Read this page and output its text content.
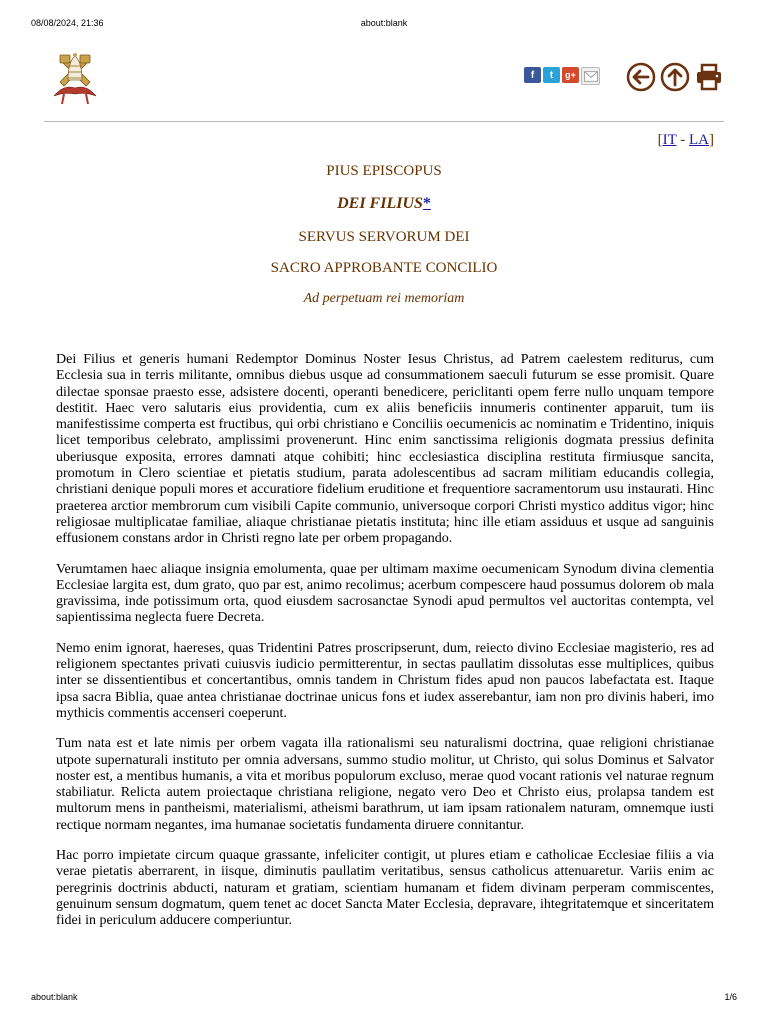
08/08/2024, 21:36	about:blank
f	t	g+
[IT - LA]

PIUS EPISCOPUS

DEI FILIUS*

SERVUS SERVORUM DEI

SACRO APPROBANTE CONCILIO

Ad perpetuam rei memoriam

Dei Filius et generis humani Redemptor Dominus Noster Iesus Christus, ad Patrem caelestem rediturus, cum Ecclesia sua in terris militante, omnibus diebus usque ad consummationem saeculi futurum se esse promisit. Quare dilectae sponsae praesto esse, adsistere docenti, operanti benedicere, periclitanti opem ferre nullo unquam tempore destitit. Haec vero salutaris eius providentia, cum ex aliis beneficiis innumeris continenter apparuit, tum iis manifestissime comperta est fructibus, qui orbi christiano e Conciliis oecumenicis ac nominatim e Tridentino, iniquis licet temporibus celebrato, amplissimi provenerunt. Hinc enim sanctissima religionis dogmata pressius definita uberiusque exposita, errores damnati atque cohibiti; hinc ecclesiastica disciplina restituta firmiusque sancita, promotum in Clero scientiae et pietatis studium, parata adolescentibus ad sacram militiam educandis collegia, christiani denique populi mores et accuratiore fidelium eruditione et frequentiore sacramentorum usu instaurati. Hinc praeterea arctior membrorum cum visibili Capite communio, universoque corpori Christi mystico additus vigor; hinc religiosae multiplicatae familiae, aliaque christianae pietatis instituta; hinc ille etiam assiduus et usque ad sanguinis effusionem constans ardor in Christi regno late per orbem propagando.

Verumtamen haec aliaque insignia emolumenta, quae per ultimam maxime oecumenicam Synodum divina clementia Ecclesiae largita est, dum grato, quo par est, animo recolimus; acerbum compescere haud possumus dolorem ob mala gravissima, inde potissimum orta, quod eiusdem sacrosanctae Synodi apud permultos vel auctoritas contempta, vel sapientissima neglecta fuere Decreta.

Nemo enim ignorat, haereses, quas Tridentini Patres proscripserunt, dum, reiecto divino Ecclesiae magisterio, res ad religionem spectantes privati cuiusvis iudicio permitterentur, in sectas paullatim dissolutas esse multiplices, quibus inter se dissentientibus et concertantibus, omnis tandem in Christum fides apud non paucos labefactata est. Itaque ipsa sacra Biblia, quae antea christianae doctrinae unicus fons et iudex asserebantur, iam non pro divinis haberi, imo mythicis commentis accenseri coeperunt.

Tum nata est et late nimis per orbem vagata illa rationalismi seu naturalismi doctrina, quae religioni christianae utpote supernaturali instituto per omnia adversans, summo studio molitur, ut Christo, qui solus Dominus et Salvator noster est, a mentibus humanis, a vita et moribus populorum excluso, merae quod vocant rationis vel naturae regnum stabiliatur. Relicta autem proiectaque christiana religione, negato vero Deo et Christo eius, prolapsa tandem est multorum mens in pantheismi, materialismi, atheismi barathrum, ut iam ipsam rationalem naturam, omnemque iusti rectique normam negantes, ima humanae societatis fundamenta diruere connitantur.

Hac porro impietate circum quaque grassante, infeliciter contigit, ut plures etiam e catholicae Ecclesiae filiis a via verae pietatis aberrarent, in iisque, diminutis paullatim veritatibus, sensus catholicus attenuaretur. Variis enim ac peregrinis doctrinis abducti, naturam et gratiam, scientiam humanam et fidem divinam perperam commiscentes, genuinum sensum dogmatum, quem tenet ac docet Sancta Mater Ecclesia, depravare, ihtegritatemque et sinceritatem fidei in periculum adducere comperiuntur.

about:blank	1/6
